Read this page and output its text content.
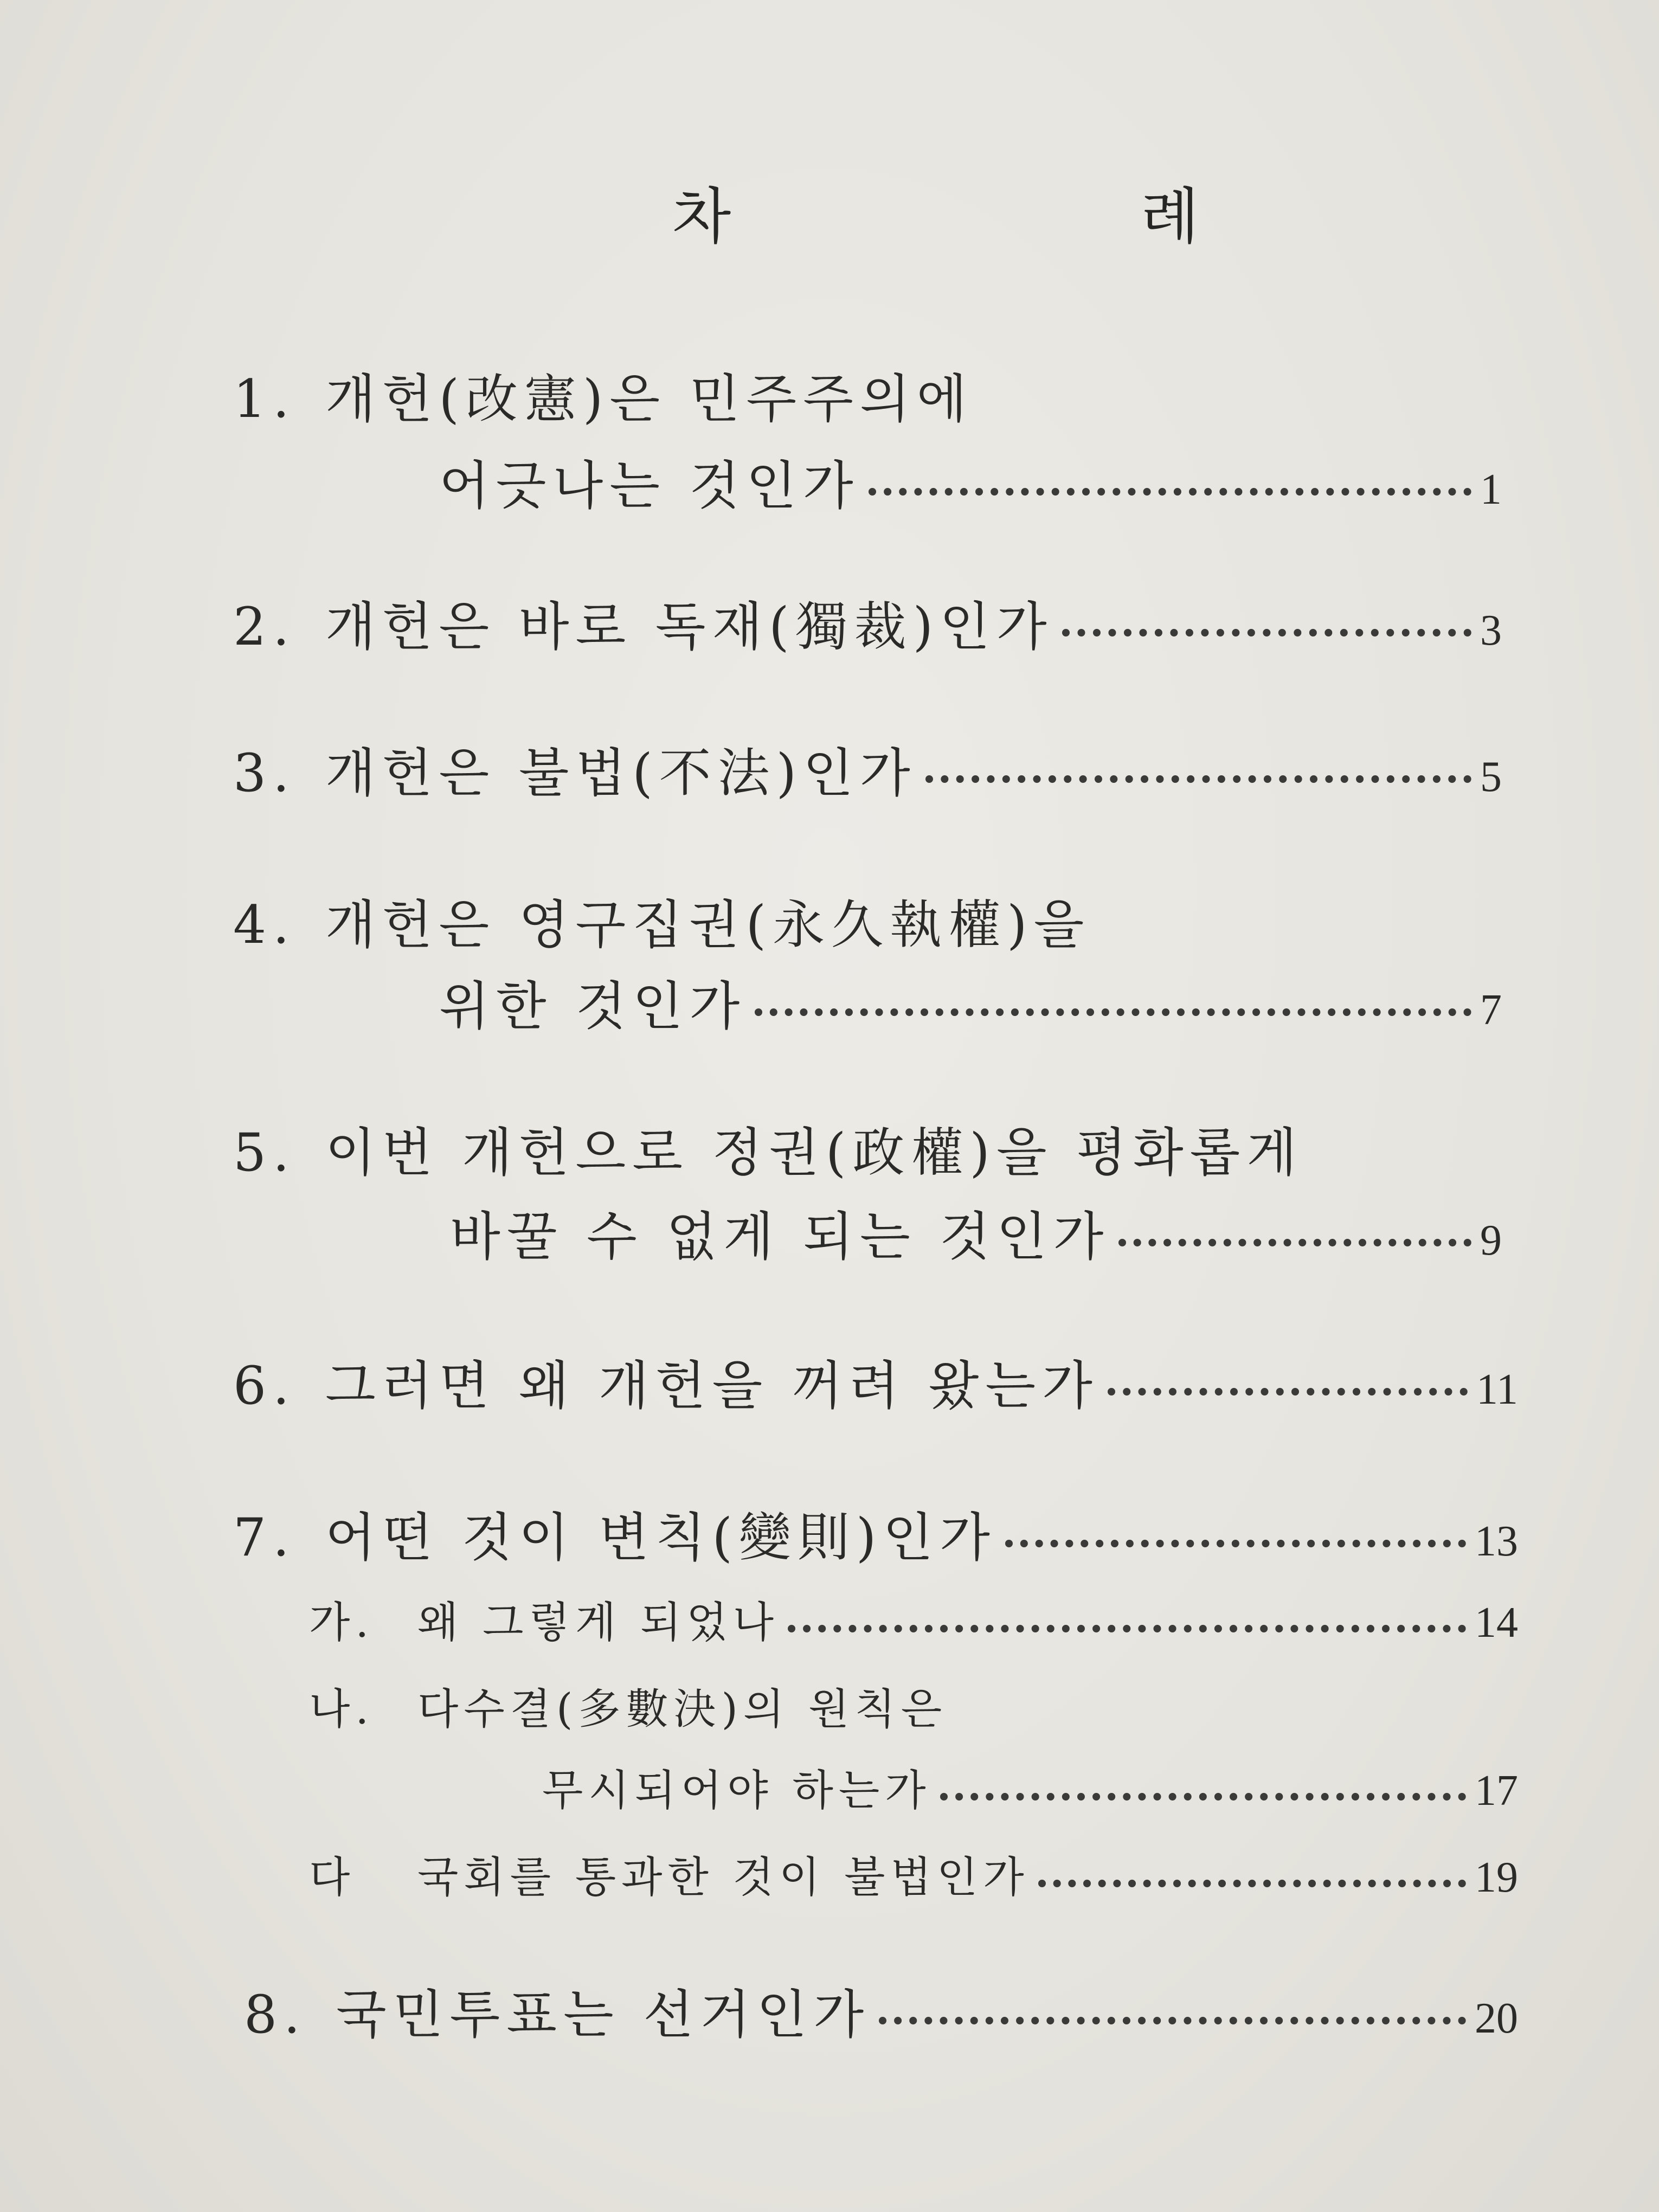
차 례
1. 개헌(改憲)은 민주주의에
어긋나는 것인가	1
2. 개헌은 바로 독재(獨裁)인가	3
3. 개헌은 불법(不法)인가	5
4. 개헌은 영구집권(永久執權)을
위한 것인가	7
5. 이번 개헌으로 정권(政權)을 평화롭게
바꿀 수 없게 되는 것인가	9
6. 그러면 왜 개헌을 꺼려 왔는가	11
7. 어떤 것이 변칙(變則)인가	13
가. 왜 그렇게 되었나	14
나. 다수결(多數決)의 원칙은
무시되어야 하는가	17
다 국회를 통과한 것이 불법인가	19
8. 국민투표는 선거인가	20
